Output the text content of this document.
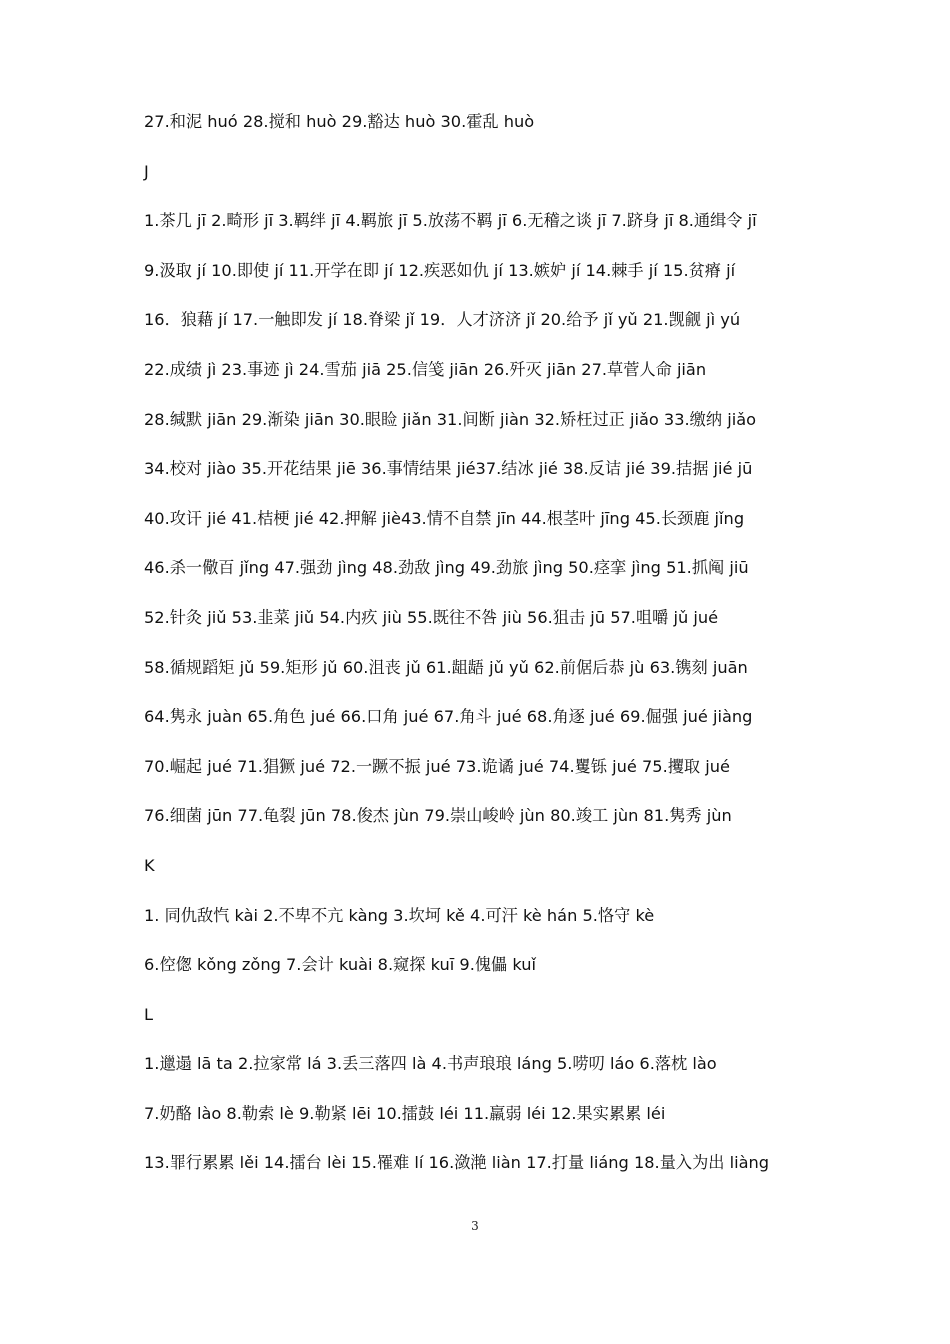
27.和泥 huó 28.搅和 huò 29.豁达 huò 30.霍乱 huò
J
1.茶几 jī 2.畸形 jī 3.羁绊 jī 4.羁旅 jī 5.放荡不羁 jī 6.无稽之谈 jī 7.跻身 jī 8.通缉令 jī
9.汲取 jí 10.即使 jí 11.开学在即 jí 12.疾恶如仇 jí 13.嫉妒 jí 14.棘手 jí 15.贫瘠 jí
16．狼藉 jí 17.一触即发 jí 18.脊梁 jǐ 19．人才济济 jǐ 20.给予 jǐ yǔ 21.觊觎 jì yú
22.成绩 jì 23.事迹 jì 24.雪茄 jiā 25.信笺 jiān 26.歼灭 jiān 27.草菅人命 jiān
28.缄默 jiān 29.渐染 jiān 30.眼睑 jiǎn 31.间断 jiàn 32.矫枉过正 jiǎo 33.缴纳 jiǎo
34.校对 jiào 35.开花结果 jiē 36.事情结果 jié37.结冰 jié 38.反诘 jié 39.拮据 jié jū
40.攻讦 jié 41.桔梗 jié 42.押解 jiè43.情不自禁 jīn 44.根茎叶 jīng 45.长颈鹿 jǐng
46.杀一儆百 jǐng 47.强劲 jìng 48.劲敌 jìng 49.劲旅 jìng 50.痉挛 jìng 51.抓阄 jiū
52.针灸 jiǔ 53.韭菜 jiǔ 54.内疚 jiù 55.既往不咎 jiù 56.狙击 jū 57.咀嚼 jǔ jué
58.循规蹈矩 jǔ 59.矩形 jǔ 60.沮丧 jǔ 61.龃龉 jǔ yǔ 62.前倨后恭 jù 63.镌刻 juān
64.隽永 juàn 65.角色 jué 66.口角 jué 67.角斗 jué 68.角逐 jué 69.倔强 jué jiàng
70.崛起 jué 71.猖獗 jué 72.一蹶不振 jué 73.诡谲 jué 74.矍铄 jué 75.攫取 jué
76.细菌 jūn 77.龟裂 jūn 78.俊杰 jùn 79.崇山峻岭 jùn 80.竣工 jùn 81.隽秀 jùn
K
1. 同仇敌忾 kài 2.不卑不亢 kàng 3.坎坷 kě 4.可汗 kè hán 5.恪守 kè
6.倥偬 kǒng zǒng 7.会计 kuài 8.窥探 kuī 9.傀儡 kuǐ
L
1.邋遢 lā ta 2.拉家常 lá 3.丢三落四 là 4.书声琅琅 láng 5.唠叨 láo 6.落枕 lào
7.奶酪 lào 8.勒索 lè 9.勒紧 lēi 10.擂鼓 léi 11.羸弱 léi 12.果实累累 léi
13.罪行累累 lěi 14.擂台 lèi 15.罹难 lí 16.潋滟 liàn 17.打量 liáng 18.量入为出 liàng
3
